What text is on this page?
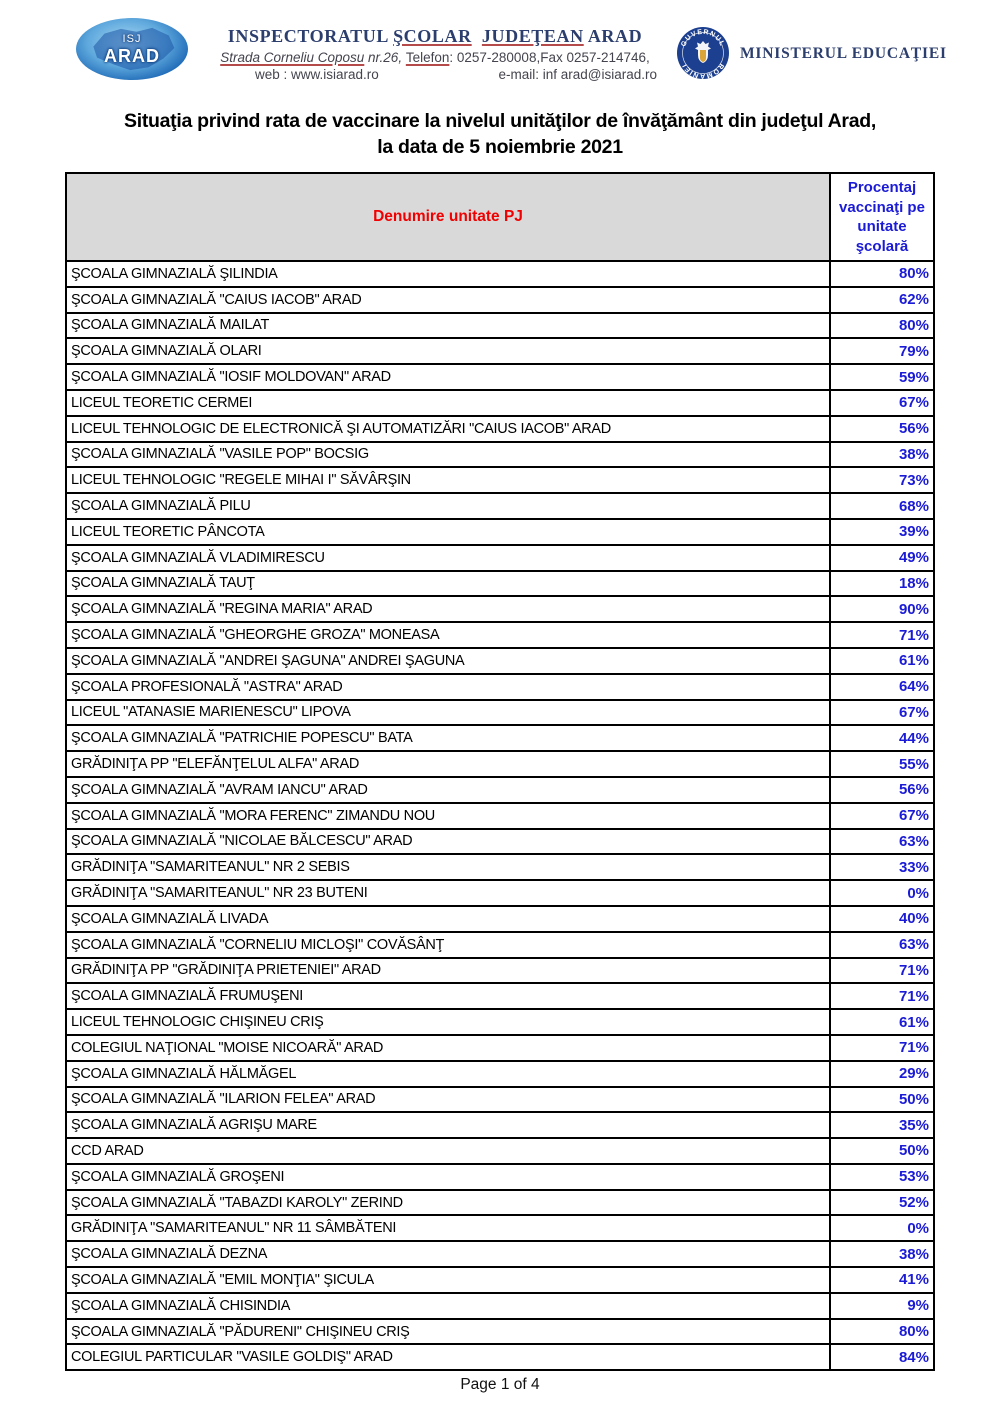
ISJ
ARAD
INSPECTORATUL ŞCOLAR JUDEŢEAN ARAD
Strada Corneliu Coposu nr.26, Telefon: 0257-280008,Fax 0257-214746,
web : www.isiarad.ro	e-mail: inf arad@isiarad.ro
GUVERNUL
ROMÂNIEI
MINISTERUL EDUCAŢIEI
Situaţia privind rata de vaccinare la nivelul unităţilor de învăţământ din judeţul Arad,
la data de 5 noiembrie 2021
Denumire unitate PJ
Procentaj vaccinaţi pe unitate şcolară
ŞCOALA GIMNAZIALĂ ŞILINDIA	80%
ŞCOALA GIMNAZIALĂ "CAIUS IACOB" ARAD	62%
ŞCOALA GIMNAZIALĂ MAILAT	80%
ŞCOALA GIMNAZIALĂ OLARI	79%
ŞCOALA GIMNAZIALĂ "IOSIF MOLDOVAN" ARAD	59%
LICEUL TEORETIC CERMEI	67%
LICEUL TEHNOLOGIC DE ELECTRONICĂ ŞI AUTOMATIZĂRI "CAIUS IACOB" ARAD	56%
ŞCOALA GIMNAZIALĂ "VASILE POP" BOCSIG	38%
LICEUL TEHNOLOGIC "REGELE MIHAI I" SĂVÂRŞIN	73%
ŞCOALA GIMNAZIALĂ PILU	68%
LICEUL TEORETIC PÂNCOTA	39%
ŞCOALA GIMNAZIALĂ VLADIMIRESCU	49%
ŞCOALA GIMNAZIALĂ TAUŢ	18%
ŞCOALA GIMNAZIALĂ "REGINA MARIA" ARAD	90%
ŞCOALA GIMNAZIALĂ "GHEORGHE GROZA" MONEASA	71%
ŞCOALA GIMNAZIALĂ "ANDREI ŞAGUNA" ANDREI ŞAGUNA	61%
ŞCOALA PROFESIONALĂ "ASTRA" ARAD	64%
LICEUL "ATANASIE MARIENESCU" LIPOVA	67%
ŞCOALA GIMNAZIALĂ "PATRICHIE POPESCU" BATA	44%
GRĂDINIŢA PP "ELEFĂNŢELUL ALFA" ARAD	55%
ŞCOALA GIMNAZIALĂ "AVRAM IANCU" ARAD	56%
ŞCOALA GIMNAZIALĂ "MORA FERENC" ZIMANDU NOU	67%
ŞCOALA GIMNAZIALĂ "NICOLAE BĂLCESCU" ARAD	63%
GRĂDINIŢA "SAMARITEANUL" NR 2 SEBIS	33%
GRĂDINIŢA "SAMARITEANUL" NR 23 BUTENI	0%
ŞCOALA GIMNAZIALĂ LIVADA	40%
ŞCOALA GIMNAZIALĂ "CORNELIU MICLOŞI" COVĂSÂNŢ	63%
GRĂDINIŢA PP "GRĂDINIŢA PRIETENIEI" ARAD	71%
ŞCOALA GIMNAZIALĂ FRUMUŞENI	71%
LICEUL TEHNOLOGIC CHIŞINEU CRIŞ	61%
COLEGIUL NAŢIONAL "MOISE NICOARĂ" ARAD	71%
ŞCOALA GIMNAZIALĂ HĂLMĂGEL	29%
ŞCOALA GIMNAZIALĂ "ILARION FELEA" ARAD	50%
ŞCOALA GIMNAZIALĂ AGRIŞU MARE	35%
CCD ARAD	50%
ŞCOALA GIMNAZIALĂ GROŞENI	53%
ŞCOALA GIMNAZIALĂ "TABAZDI KAROLY" ZERIND	52%
GRĂDINIŢA "SAMARITEANUL" NR 11 SÂMBĂTENI	0%
ŞCOALA GIMNAZIALĂ DEZNA	38%
ŞCOALA GIMNAZIALĂ "EMIL MONŢIA" ŞICULA	41%
ŞCOALA GIMNAZIALĂ CHISINDIA	9%
ŞCOALA GIMNAZIALĂ "PĂDURENI" CHIŞINEU CRIŞ	80%
COLEGIUL PARTICULAR "VASILE GOLDIŞ" ARAD	84%
Page 1 of 4
